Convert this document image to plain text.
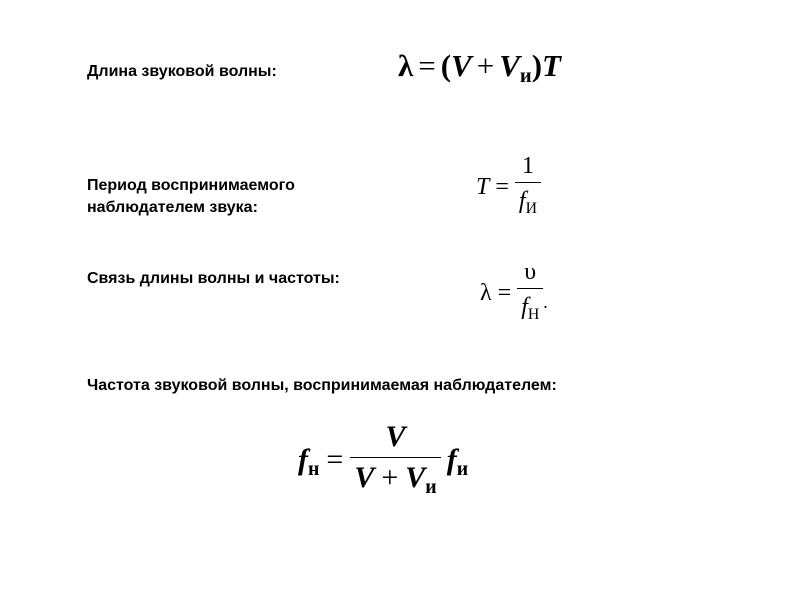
Длина звуковой волны:	$\lambda = (V + V_и)T$
Период воспринимаемого наблюдателем звука:
$T = \frac{1}{f_И}$
Связь длины волны и частоты:
$\lambda = \frac{\upsilon}{f_Н} _.$
Частота звуковой волны, воспринимаемая наблюдателем:
$f_н = \frac{V}{V + V_и} f_и$
